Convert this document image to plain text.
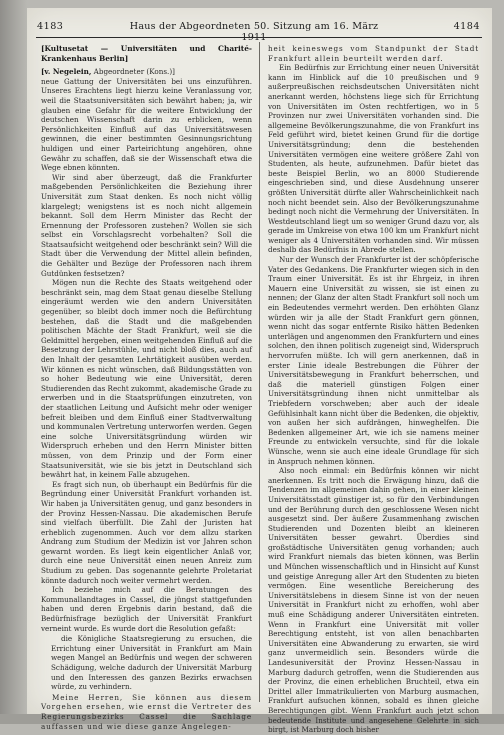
4183	Haus der Abgeordneten 50. Sitzung am 16. März 1911
4184

[Kultusetat — Universitäten und Charité-Krankenhaus Berlin]

[v. Negelein, Abgeordneter (Kons.)]

neue Gattung der Universitäten bei uns einzuführen. Unseres Erachtens liegt hierzu keine Veranlassung vor, weil die Staatsuniversitäten sich bewährt haben; ja, wir glauben eine Gefahr für die weitere Entwicklung der deutschen Wissenschaft darin zu erblicken, wenn Persönlichkeiten Einfluß auf das Universitätswesen gewinnen, die einer bestimmten Gesinnungsrichtung huldigen und einer Parteirichtung angehören, ohne Gewähr zu schaffen, daß sie der Wissenschaft etwa die Wege ebnen könnten.

Wir sind aber überzeugt, daß die Frankfurter maßgebenden Persönlichkeiten die Beziehung ihrer Universität zum Staat denken. Es noch nicht völlig klargelegt; wenigstens ist es noch nicht allgemein bekannt. Soll dem Herrn Minister das Recht der Ernennung der Professoren zustehen? Wollen sie sich selbst ein Vorschlagsrecht vorbehalten? Soll die Staatsaufsicht weitgehend oder beschränkt sein? Will die Stadt über die Verwendung der Mittel allein befinden, die Gehälter und Bezüge der Professoren nach ihrem Gutdünken festsetzen?

Mögen nun die Rechte des Staats weitgehend oder beschränkt sein, mag dem Staat genau dieselbe Stellung eingeräumt werden wie den andern Universitäten gegenüber, so bleibt doch immer noch die Befürchtung bestehen, daß die Stadt und die maßgebenden politischen Mächte der Stadt Frankfurt, weil sie die Geldmittel hergeben, einen weitgehenden Einfluß auf die Besetzung der Lehrstühle, und nicht bloß dies, auch auf den Inhalt der gesamten Lehrtätigkeit ausüben werden. Wir können es nicht wünschen, daß Bildungsstätten von so hoher Bedeutung wie eine Universität, deren Studierenden das Recht zukommt, akademische Grade zu erwerben und in die Staatsprüfungen einzutreten, von der staatlichen Leitung und Aufsicht mehr oder weniger befreit bleiben und dem Einfluß einer Stadtverwaltung und kommunalen Vertretung unterworfen werden. Gegen eine solche Universitätsgründung würden wir Widerspruch erheben und den Herrn Minister bitten müssen, von dem Prinzip und der Form einer Staatsuniversität, wie sie bis jetzt in Deutschland sich bewährt hat, in keinem Falle abzugehen.

Es fragt sich nun, ob überhaupt ein Bedürfnis für die Begründung einer Universität Frankfurt vorhanden ist. Wir haben ja Universitäten genug, und ganz besonders in der Provinz Hessen-Nassau. Die akademischen Berufe sind vielfach überfüllt. Die Zahl der Juristen hat erheblich zugenommen. Auch vor dem allzu starken Andrang zum Studium der Medizin ist vor Jahren schon gewarnt worden. Es liegt kein eigentlicher Anlaß vor, durch eine neue Universität einen neuen Anreiz zum Studium zu geben. Das sogenannte gelehrte Proletariat könnte dadurch noch weiter vermehrt werden.

Ich beziehe mich auf die Beratungen des Kommunallandtages in Cassel, die jüngst stattgefunden haben und deren Ergebnis darin bestand, daß die Bedürfnisfrage bezüglich der Universität Frankfurt verneint wurde. Es wurde dort die Resolution gefaßt:

die Königliche Staatsregierung zu ersuchen, die Errichtung einer Universität in Frankfurt am Main wegen Mangel an Bedürfnis und wegen der schweren Schädigung, welche dadurch der Universität Marburg und den Interessen des ganzen Bezirks erwachsen würde, zu verhindern.

Meine Herren, Sie können aus diesem Vorgehen ersehen, wie ernst die Vertreter des Regierungsbezirks Cassel die Sachlage auffassen und wie diese ganze Angelegen-

heit keineswegs vom Standpunkt der Stadt Frankfurt allein beurteilt werden darf.

Ein Bedürfnis zur Errichtung einer neuen Universität kann im Hinblick auf die 10 preußischen und 9 außerpreußischen reichsdeutschen Universitäten nicht anerkannt werden, höchstens liege sich für Errichtung von Universitäten im Osten rechtfertigen, wo in 5 Provinzen nur zwei Universitäten vorhanden sind. Die allgemeine Bevölkerungszunahme, die von Frankfurt ins Feld geführt wird, bietet keinen Grund für die dortige Universitätsgründung; denn die bestehenden Universitäten vermögen eine weitere größere Zahl von Studenten, als heute, aufzunehmen. Dafür bietet das beste Beispiel Berlin, wo an 8000 Studierende eingeschrieben sind, und diese Ausdehnung unserer größten Universität dürfte aller Wahrscheinlichkeit nach noch nicht beendet sein. Also der Bevölkerungszunahme bedingt noch nicht die Vermehrung der Universitäten. In Westdeutschland liegt um so weniger Grund dazu vor, als gerade im Umkreise von etwa 100 km um Frankfurt nicht weniger als 4 Universitäten vorhanden sind. Wir müssen deshalb das Bedürfnis in Abrede stellen.

Nur der Wunsch der Frankfurter ist der schöpferische Vater des Gedankens. Die Frankfurter wiegen sich in den Traum einer Universität. Es ist ihr Ehrgeiz, in ihren Mauern eine Universität zu wissen, sie ist einen zu nennen; der Glanz der alten Stadt Frankfurt soll noch um ein Bedeutendes vermehrt werden. Den erhöhten Glanz würden wir ja alle der Stadt Frankfurt gern gönnen, wenn nicht das sogar entfernte Risiko hätten Bedenken unterlägen und angenommen den Frankfurtern und eines solchen, den ihnen politisch zugeneigt sind, Widerspruch hervorrufen müßte. Ich will gern anerkennen, daß in erster Linie ideale Bestrebungen die Führer der Universitätsbewegung in Frankfurt beherrschen, und daß die materiell günstigen Folgen einer Universitätsgründung ihnen nicht unmittelbar als Triebfedern vorschweben; aber auch der ideale Gefühlsinhalt kann nicht über die Bedenken, die objektiv, von außen her sich aufdrängen, hinweghelfen. Die Bedenken allgemeiner Art, wie ich sie namens meiner Freunde zu entwickeln versuchte, sind für die lokale Wünsche, wenn sie auch eine ideale Grundlage für sich in Anspruch nehmen können.

Also noch einmal: ein Bedürfnis können wir nicht anerkennen. Es tritt noch die Erwägung hinzu, daß die Tendenzen im allgemeinen dahin gehen, in einer kleinen Universitätsstadt günstiger ist, so für den Verbindungen und der Berührung durch den geschlossene Wesen nicht ausgesetzt sind. Der äußere Zusammenhang zwischen Studierenden und Dozenten bleibt an kleineren Universitäten besser gewahrt. Überdies sind großstädtische Universitäten genug vorhanden; auch wird Frankfurt niemals das bieten können, was Berlin und München wissenschaftlich und in Hinsicht auf Kunst und geistige Anregung aller Art den Studenten zu bieten vermögen. Eine wesentliche Bereicherung des Universitätslebens in diesem Sinne ist von der neuen Universität in Frankfurt nicht zu erhoffen, wohl aber muß eine Schädigung anderer Universitäten eintreten. Wenn in Frankfurt eine Universität mit voller Berechtigung entsteht, ist von allen benachbarten Universitäten eine Abwanderung zu erwarten, sie wird ganz unvermeidlich sein. Besonders würde die Landesuniversität der Provinz Hessen-Nassau in Marburg dadurch getroffen, wenn die Studierenden aus der Provinz, die einen erheblichen Bruchteil, etwa ein Drittel aller Immatrikulierten von Marburg ausmachen, Frankfurt aufsuchen können, sobald es ihnen gleiche Berechtigungen gibt. Wenn Frankfurt auch jetzt schon bedeutende Institute und angesehene Gelehrte in sich birgt, ist Marburg doch bisher
